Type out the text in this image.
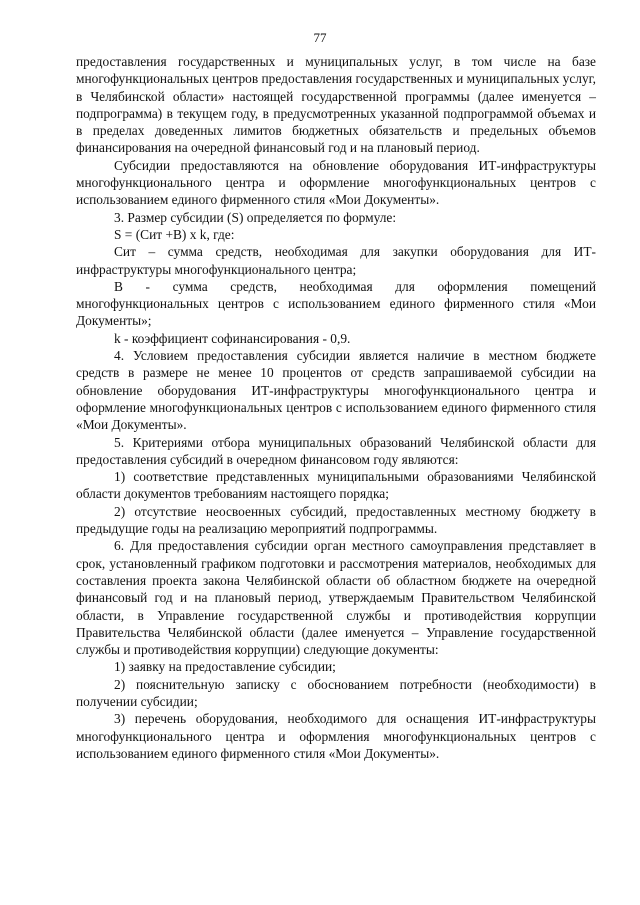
77

предоставления государственных и муниципальных услуг, в том числе на базе многофункциональных центров предоставления государственных и муниципальных услуг, в Челябинской области» настоящей государственной программы (далее именуется – подпрограмма) в текущем году, в предусмотренных указанной подпрограммой объемах и в пределах доведенных лимитов бюджетных обязательств и предельных объемов финансирования на очередной финансовый год и на плановый период.

Субсидии предоставляются на обновление оборудования ИТ-инфраструктуры многофункционального центра и оформление многофункциональных центров с использованием единого фирменного стиля «Мои Документы».

3. Размер субсидии (S) определяется по формуле:

S = (Сит +В) x k, где:

Сит – сумма средств, необходимая для закупки оборудования для ИТ-инфраструктуры многофункционального центра;

В - сумма средств, необходимая для оформления помещений многофункциональных центров с использованием единого фирменного стиля «Мои Документы»;

k - коэффициент софинансирования - 0,9.

4. Условием предоставления субсидии является наличие в местном бюджете средств в размере не менее 10 процентов от средств запрашиваемой субсидии на обновление оборудования ИТ-инфраструктуры многофункционального центра и оформление многофункциональных центров с использованием единого фирменного стиля «Мои Документы».

5. Критериями отбора муниципальных образований Челябинской области для предоставления субсидий в очередном финансовом году являются:

1) соответствие представленных муниципальными образованиями Челябинской области документов требованиям настоящего порядка;

2) отсутствие неосвоенных субсидий, предоставленных местному бюджету в предыдущие годы на реализацию мероприятий подпрограммы.

6. Для предоставления субсидии орган местного самоуправления представляет в срок, установленный графиком подготовки и рассмотрения материалов, необходимых для составления проекта закона Челябинской области об областном бюджете на очередной финансовый год и на плановый период, утверждаемым Правительством Челябинской области, в Управление государственной службы и противодействия коррупции Правительства Челябинской области (далее именуется – Управление государственной службы и противодействия коррупции) следующие документы:

1) заявку на предоставление субсидии;

2) пояснительную записку с обоснованием потребности (необходимости) в получении субсидии;

3) перечень оборудования, необходимого для оснащения ИТ-инфраструктуры многофункционального центра и оформления многофункциональных центров с использованием единого фирменного стиля «Мои Документы».
